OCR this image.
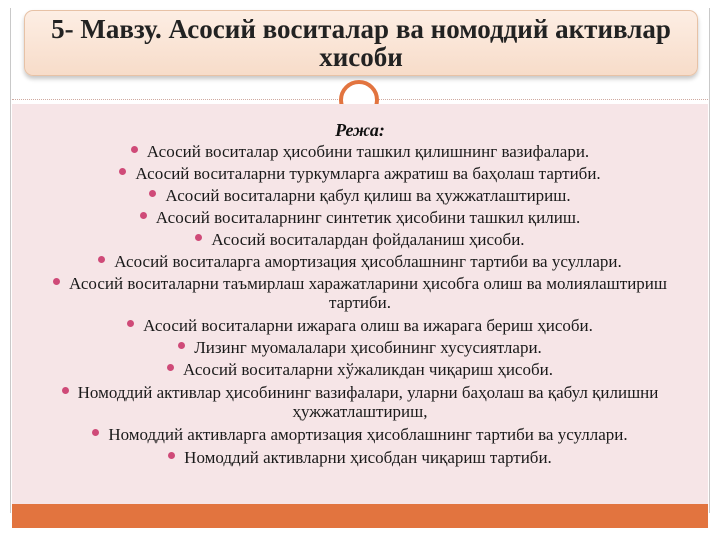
5- Мавзу. Асосий воситалар ва номоддий активлар хисоби
Режа:
Асосий воситалар ҳисобини ташкил қилишнинг вазифалари.
Асосий воситаларни туркумларга ажратиш ва баҳолаш тартиби.
Асосий воситаларни қабул қилиш ва ҳужжатлаштириш.
Асосий воситаларнинг синтетик ҳисобини ташкил қилиш.
Асосий воситалардан фойдаланиш ҳисоби.
Асосий воситаларга амортизация ҳисоблашнинг тартиби ва усуллари.
Асосий воситаларни таъмирлаш харажатларини ҳисобга олиш ва молиялаштириш тартиби.
Асосий воситаларни ижарага олиш ва ижарага бериш ҳисоби.
Лизинг муомалалари ҳисобининг хусусиятлари.
Асосий воситаларни хўжаликдан чиқариш ҳисоби.
Номоддий активлар ҳисобининг вазифалари, уларни баҳолаш ва қабул қилишни ҳужжатлаштириш,
Номоддий активларга амортизация ҳисоблашнинг тартиби ва усуллари.
Номоддий активларни ҳисобдан чиқариш тартиби.
